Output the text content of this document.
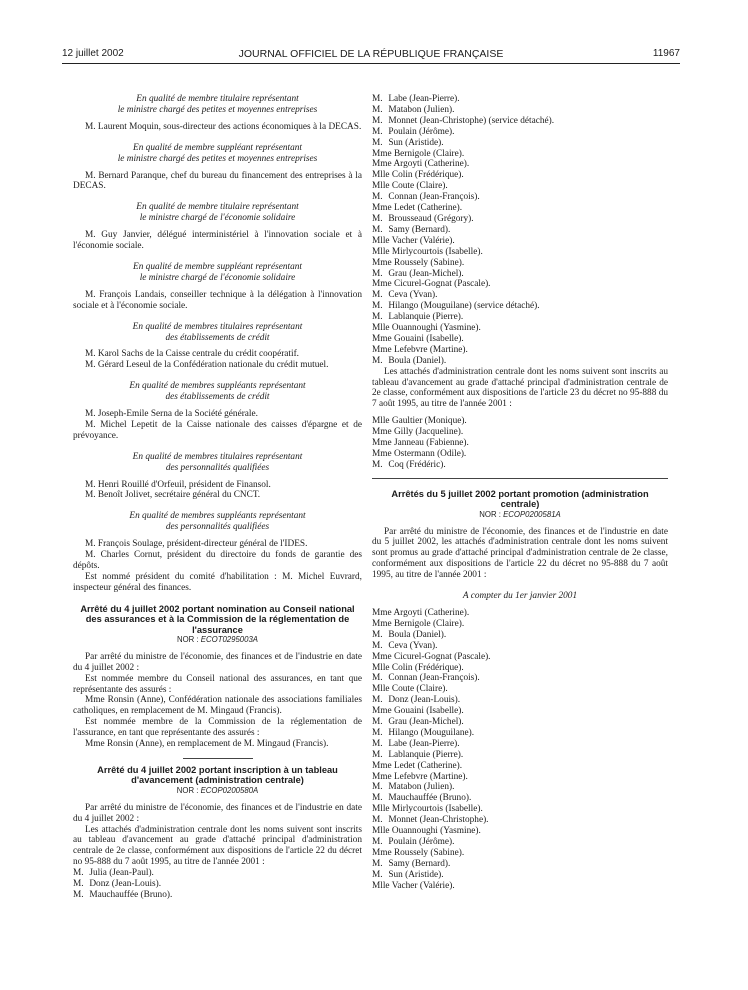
12 juillet 2002	JOURNAL OFFICIEL DE LA RÉPUBLIQUE FRANÇAISE	11967

En qualité de membre titulaire représentant

le ministre chargé des petites et moyennes entreprises

M. Laurent Moquin, sous-directeur des actions économiques à la DECAS.

En qualité de membre suppléant représentant

le ministre chargé des petites et moyennes entreprises

M. Bernard Paranque, chef du bureau du financement des entreprises à la DECAS.

En qualité de membre titulaire représentant

le ministre chargé de l'économie solidaire

M. Guy Janvier, délégué interministériel à l'innovation sociale et à l'économie sociale.

En qualité de membre suppléant représentant

le ministre chargé de l'économie solidaire

M. François Landais, conseiller technique à la délégation à l'innovation sociale et à l'économie sociale.

En qualité de membres titulaires représentant

des établissements de crédit

M. Karol Sachs de la Caisse centrale du crédit coopératif.

M. Gérard Leseul de la Confédération nationale du crédit mutuel.

En qualité de membres suppléants représentant

des établissements de crédit

M. Joseph-Emile Serna de la Société générale.

M. Michel Lepetit de la Caisse nationale des caisses d'épargne et de prévoyance.

En qualité de membres titulaires représentant

des personnalités qualifiées

M. Henri Rouillé d'Orfeuil, président de Finansol.

M. Benoît Jolivet, secrétaire général du CNCT.

En qualité de membres suppléants représentant

des personnalités qualifiées

M. François Soulage, président-directeur général de l'IDES.

M. Charles Cornut, président du directoire du fonds de garantie des dépôts.

Est nommé président du comité d'habilitation : M. Michel Euvrard, inspecteur général des finances.

Arrêté du 4 juillet 2002 portant nomination au Conseil national des assurances et à la Commission de la réglementation de l'assurance

NOR : ECOT0295003A

Par arrêté du ministre de l'économie, des finances et de l'industrie en date du 4 juillet 2002 :

Est nommée membre du Conseil national des assurances, en tant que représentante des assurés :

Mme Ronsin (Anne), Confédération nationale des associations familiales catholiques, en remplacement de M. Mingaud (Francis).

Est nommée membre de la Commission de la réglementation de l'assurance, en tant que représentante des assurés :

Mme Ronsin (Anne), en remplacement de M. Mingaud (Francis).

Arrêté du 4 juillet 2002 portant inscription à un tableau d'avancement (administration centrale)

NOR : ECOP0200580A

Par arrêté du ministre de l'économie, des finances et de l'industrie en date du 4 juillet 2002 :

Les attachés d'administration centrale dont les noms suivent sont inscrits au tableau d'avancement au grade d'attaché principal d'administration centrale de 2e classe, conformément aux dispositions de l'article 22 du décret no 95-888 du 7 août 1995, au titre de l'année 2001 :

M. Julia (Jean-Paul).
M. Donz (Jean-Louis).
M. Mauchauffée (Bruno).
M. Labe (Jean-Pierre).
M. Matabon (Julien).
M. Monnet (Jean-Christophe) (service détaché).
M. Poulain (Jérôme).
M. Sun (Aristide).
Mme Bernigole (Claire).
Mme Argoyti (Catherine).
Mlle Colin (Frédérique).
Mlle Coute (Claire).
M. Connan (Jean-François).
Mme Ledet (Catherine).
M. Brousseaud (Grégory).
M. Samy (Bernard).
Mlle Vacher (Valérie).
Mlle Mirlycourtois (Isabelle).
Mme Roussely (Sabine).
M. Grau (Jean-Michel).
Mme Cicurel-Gognat (Pascale).
M. Ceva (Yvan).
M. Hilango (Mouguilane) (service détaché).
M. Lablanquie (Pierre).
Mlle Ouannoughi (Yasmine).
Mme Gouaini (Isabelle).
Mme Lefebvre (Martine).
M. Boula (Daniel).

Les attachés d'administration centrale dont les noms suivent sont inscrits au tableau d'avancement au grade d'attaché principal d'administration centrale de 2e classe, conformément aux dispositions de l'article 23 du décret no 95-888 du 7 août 1995, au titre de l'année 2001 :

Mlle Gaultier (Monique).
Mme Gilly (Jacqueline).
Mme Janneau (Fabienne).
Mme Ostermann (Odile).
M. Coq (Frédéric).

Arrêtés du 5 juillet 2002 portant promotion (administration centrale)

NOR : ECOP0200581A

Par arrêté du ministre de l'économie, des finances et de l'industrie en date du 5 juillet 2002, les attachés d'administration centrale dont les noms suivent sont promus au grade d'attaché principal d'administration centrale de 2e classe, conformément aux dispositions de l'article 22 du décret no 95-888 du 7 août 1995, au titre de l'année 2001 :

A compter du 1er janvier 2001

Mme Argoyti (Catherine).
Mme Bernigole (Claire).
M. Boula (Daniel).
M. Ceva (Yvan).
Mme Cicurel-Gognat (Pascale).
Mlle Colin (Frédérique).
M. Connan (Jean-François).
Mlle Coute (Claire).
M. Donz (Jean-Louis).
Mme Gouaini (Isabelle).
M. Grau (Jean-Michel).
M. Hilango (Mouguilane).
M. Labe (Jean-Pierre).
M. Lablanquie (Pierre).
Mme Ledet (Catherine).
Mme Lefebvre (Martine).
M. Matabon (Julien).
M. Mauchauffée (Bruno).
Mlle Mirlycourtois (Isabelle).
M. Monnet (Jean-Christophe).
Mlle Ouannoughi (Yasmine).
M. Poulain (Jérôme).
Mme Roussely (Sabine).
M. Samy (Bernard).
M. Sun (Aristide).
Mlle Vacher (Valérie).
